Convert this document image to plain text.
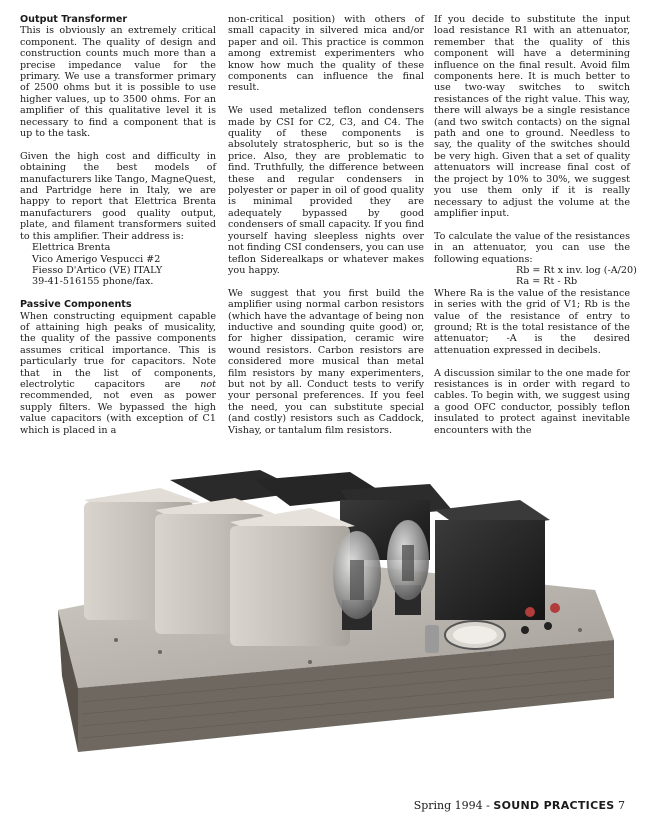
Output Transformer

This is obviously an extremely critical component. The quality of design and construction counts much more than a precise impedance value for the primary. We use a transformer primary of 2500 ohms but it is possible to use higher values, up to 3500 ohms. For an amplifier of this qualitative level it is necessary to find a component that is up to the task.

Given the high cost and difficulty in obtaining the best models of manufacturers like Tango, MagneQuest, and Partridge here in Italy, we are happy to report that Elettrica Brenta manufacturers good quality output, plate, and filament transformers suited to this amplifier. Their address is:

Elettrica Brenta
Vico Amerigo Vespucci #2
Fiesso D'Artico (VE) ITALY
39-41-516155 phone/fax.
Passive Components

When constructing equipment capable of attaining high peaks of musicality, the quality of the passive components assumes critical importance. This is particularly true for capacitors. Note that in the list of components, electrolytic capacitors are not recommended, not even as power supply filters. We bypassed the high value capacitors (with exception of C1 which is placed in a

non-critical position) with others of small capacity in silvered mica and/or paper and oil. This practice is common among extremist experimenters who know how much the quality of these components can influence the final result.

We used metalized teflon condensers made by CSI for C2, C3, and C4. The quality of these components is absolutely stratospheric, but so is the price. Also, they are problematic to find. Truthfully, the difference between these and regular condensers in polyester or paper in oil of good quality is minimal provided they are adequately bypassed by good condensers of small capacity. If you find yourself having sleepless nights over not finding CSI condensers, you can use teflon Siderealkaps or whatever makes you happy.

We suggest that you first build the amplifier using normal carbon resistors (which have the advantage of being non inductive and sounding quite good) or, for higher dissipation, ceramic wire wound resistors. Carbon resistors are considered more musical than metal film resistors by many experimenters, but not by all. Conduct tests to verify your personal preferences. If you feel the need, you can substitute special (and costly) resistors such as Caddock, Vishay, or tantalum film resistors.

If you decide to substitute the input load resistance R1 with an attenuator, remember that the quality of this component will have a determining influence on the final result. Avoid film components here. It is much better to use two-way switches to switch resistances of the right value. This way, there will always be a single resistance (and two switch contacts) on the signal path and one to ground. Needless to say, the quality of the switches should be very high. Given that a set of quality attenuators will increase final cost of the project by 10% to 30%, we suggest you use them only if it is really necessary to adjust the volume at the amplifier input.

To calculate the value of the resistances in an attenuator, you can use the following equations:

Rb = Rt x inv. log (-A/20)
Ra = Rt - Rb

Where Ra is the value of the resistance in series with the grid of V1; Rb is the value of the resistance of entry to ground; Rt is the total resistance of the attenuator; -A is the desired attenuation expressed in decibels.

A discussion similar to the one made for resistances is in order with regard to cables. To begin with, we suggest using a good OFC conductor, possibly teflon insulated to protect against inevitable encounters with the

Spring 1994 - SOUND PRACTICES 7
